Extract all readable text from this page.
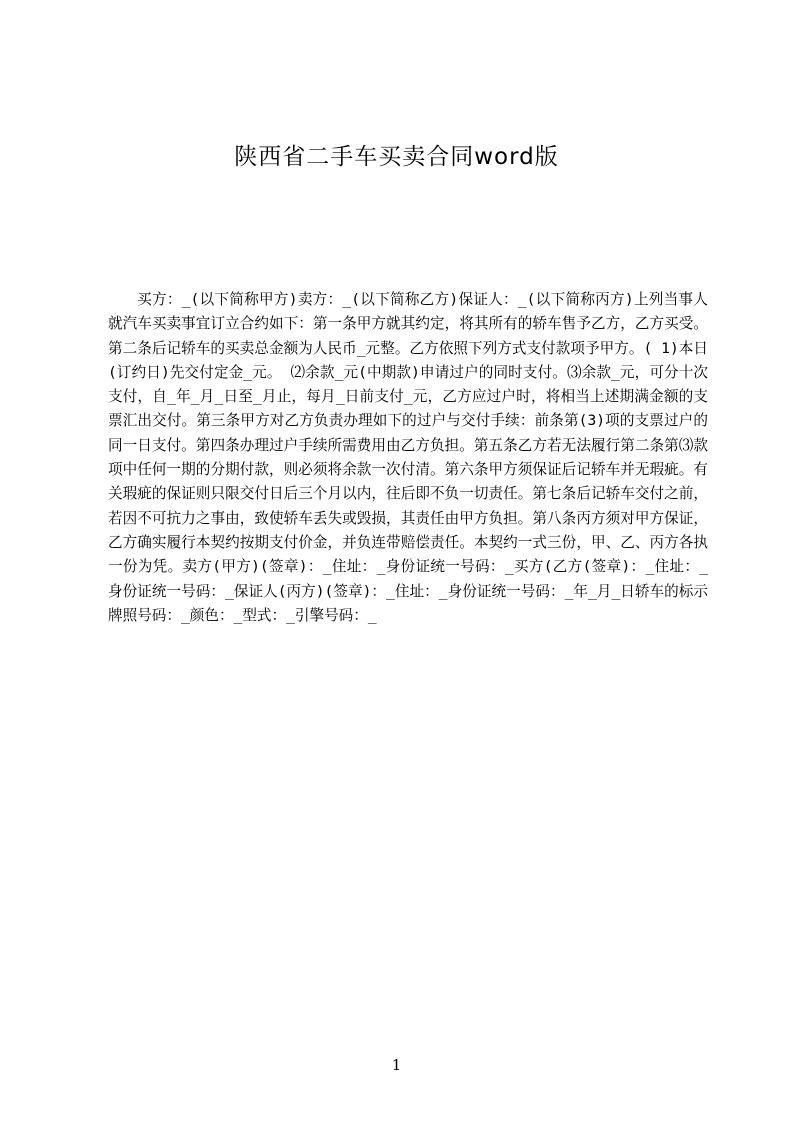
陕西省二手车买卖合同word版

买方：_(以下简称甲方)卖方：_(以下简称乙方)保证人：_(以下简称丙方)上列当事人就汽车买卖事宜订立合约如下：第一条甲方就其约定，将其所有的轿车售予乙方，乙方买受。第二条后记轿车的买卖总金额为人民币_元整。乙方依照下列方式支付款项予甲方。( 1)本日(订约日)先交付定金_元。 ⑵余款_元(中期款)申请过户的同时支付。⑶余款_元，可分十次支付，自_年_月_日至_月止，每月_日前支付_元，乙方应过户时，将相当上述期满金额的支票汇出交付。第三条甲方对乙方负责办理如下的过户与交付手续：前条第(3)项的支票过户的同一日支付。第四条办理过户手续所需费用由乙方负担。第五条乙方若无法履行第二条第⑶款项中任何一期的分期付款，则必须将余款一次付清。第六条甲方须保证后记轿车并无瑕疵。有关瑕疵的保证则只限交付日后三个月以内，往后即不负一切责任。第七条后记轿车交付之前，若因不可抗力之事由，致使轿车丢失或毁损，其责任由甲方负担。第八条丙方须对甲方保证，乙方确实履行本契约按期支付价金，并负连带赔偿责任。本契约一式三份，甲、乙、丙方各执一份为凭。卖方(甲方)(签章)：_住址：_身份证统一号码：_买方(乙方(签章)：_住址：_身份证统一号码：_保证人(丙方)(签章)：_住址：_身份证统一号码：_年_月_日轿车的标示牌照号码：_颜色：_型式：_引擎号码：_

1
